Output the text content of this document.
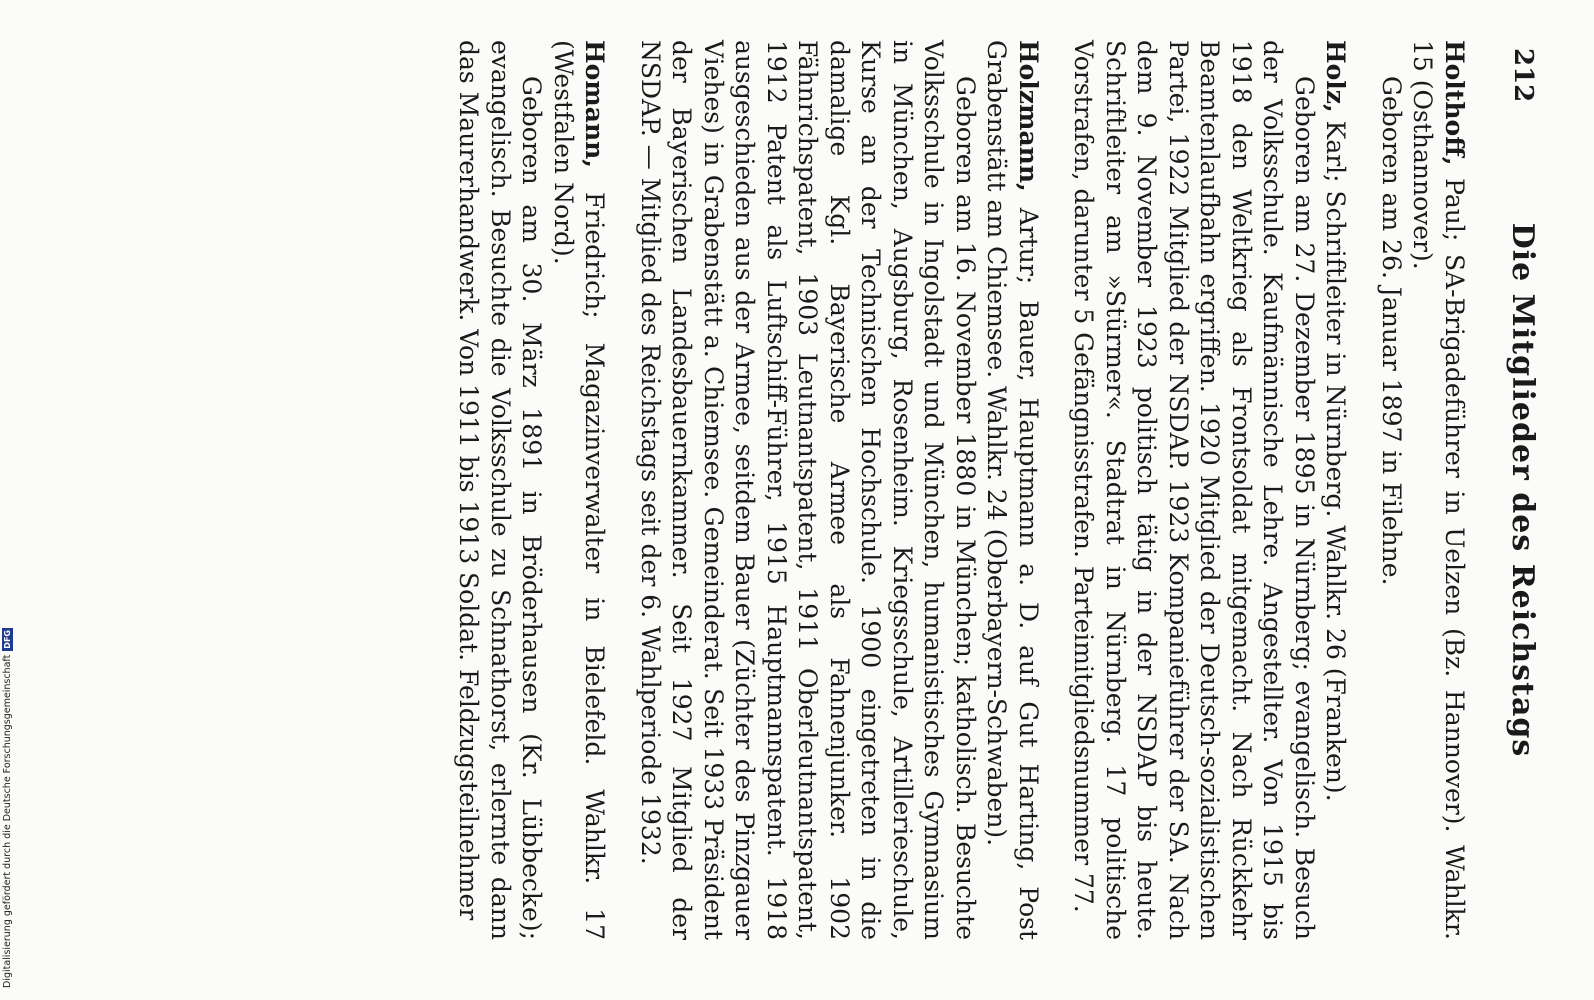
212
Die Mitglieder des Reichstags
Holthoff, Paul; SA-Brigadeführer in Uelzen (Bz. Hannover). Wahlkr. 15 (Osthannover).
Geboren am 26. Januar 1897 in Filehne.
Holz, Karl; Schriftleiter in Nürnberg. Wahlkr. 26 (Franken).
Geboren am 27. Dezember 1895 in Nürnberg; evangelisch. Besuch der Volksschule. Kaufmännische Lehre. Angestellter. Von 1915 bis 1918 den Weltkrieg als Frontsoldat mitgemacht. Nach Rückkehr Beamtenlaufbahn ergriffen. 1920 Mitglied der Deutsch-sozialistischen Partei, 1922 Mitglied der NSDAP. 1923 Kompanieführer der SA. Nach dem 9. November 1923 politisch tätig in der NSDAP bis heute. Schriftleiter am »Stürmer«. Stadtrat in Nürnberg. 17 politische Vorstrafen, darunter 5 Gefängnisstrafen. Parteimitgliedsnummer 77.
Holzmann, Artur; Bauer, Hauptmann a. D. auf Gut Harting, Post Grabenstätt am Chiemsee. Wahlkr. 24 (Oberbayern-Schwaben).
Geboren am 16. November 1880 in München; katholisch. Besuchte Volksschule in Ingolstadt und München, humanistisches Gymnasium in München, Augsburg, Rosenheim. Kriegsschule, Artillerieschule, Kurse an der Technischen Hochschule. 1900 eingetreten in die damalige Kgl. Bayerische Armee als Fahnenjunker. 1902 Fähnrichspatent, 1903 Leutnantspatent, 1911 Oberleutnantspatent, 1912 Patent als Luftschiff-Führer, 1915 Hauptmannspatent. 1918 ausgeschieden aus der Armee, seitdem Bauer (Züchter des Pinzgauer Viehes) in Grabenstätt a. Chiemsee. Gemeinderat. Seit 1933 Präsident der Bayerischen Landesbauernkammer. Seit 1927 Mitglied der NSDAP. — Mitglied des Reichstags seit der 6. Wahlperiode 1932.
Homann, Friedrich; Magazinverwalter in Bielefeld. Wahlkr. 17 (Westfalen Nord).
Geboren am 30. März 1891 in Bröderhausen (Kr. Lübbecke); evangelisch. Besuchte die Volksschule zu Schnathorst, erlernte dann das Maurerhandwerk. Von 1911 bis 1913 Soldat. Feldzugsteilnehmer
Digitalisierung gefördert durch die Deutsche Forschungsgemeinschaft
DFG
